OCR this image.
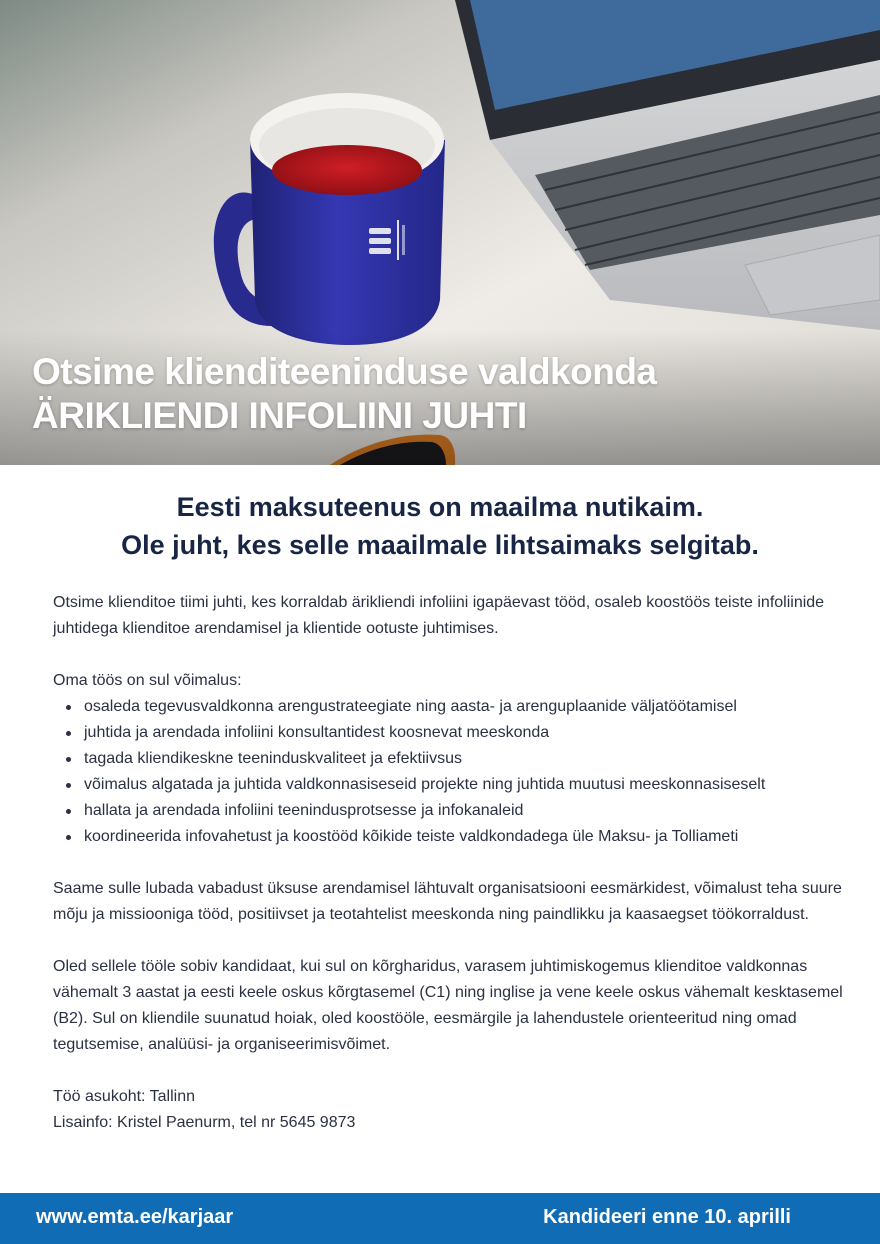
Otsime klienditeeninduse valdkonda
ÄRIKLIENDI INFOLIINI JUHTI
Eesti maksuteenus on maailma nutikaim.
Ole juht, kes selle maailmale lihtsaimaks selgitab.

Otsime klienditoe tiimi juhti, kes korraldab ärikliendi infoliini igapäevast tööd, osaleb koostöös teiste infoliinide juhtidega klienditoe arendamisel ja klientide ootuste juhtimises.

Oma töös on sul võimalus:

osaleda tegevusvaldkonna arengustrateegiate ning aasta- ja arenguplaanide väljatöötamisel
juhtida ja arendada infoliini konsultantidest koosnevat meeskonda
tagada kliendikeskne teeninduskvaliteet ja efektiivsus
võimalus algatada ja juhtida valdkonnasiseseid projekte ning juhtida muutusi meeskonnasiseselt
hallata ja arendada infoliini teenindusprotsesse ja infokanaleid
koordineerida infovahetust ja koostööd kõikide teiste valdkondadega üle Maksu- ja Tolliameti

Saame sulle lubada vabadust üksuse arendamisel lähtuvalt organisatsiooni eesmärkidest, võimalust teha suure mõju ja missiooniga tööd, positiivset ja teotahtelist meeskonda ning paindlikku ja kaasaegset töökorraldust.

Oled sellele tööle sobiv kandidaat, kui sul on kõrgharidus, varasem juhtimiskogemus klienditoe valdkonnas vähemalt 3 aastat ja eesti keele oskus kõrgtasemel (C1) ning inglise ja vene keele oskus vähemalt kesktasemel (B2). Sul on kliendile suunatud hoiak, oled koostööle, eesmärgile ja lahendustele orienteeritud ning omad tegutsemise, analüüsi- ja organiseerimisvõimet.

Töö asukoht: Tallinn

Lisainfo: Kristel Paenurm, tel nr 5645 9873

www.emta.ee/karjaar	Kandideeri enne 10. aprilli
